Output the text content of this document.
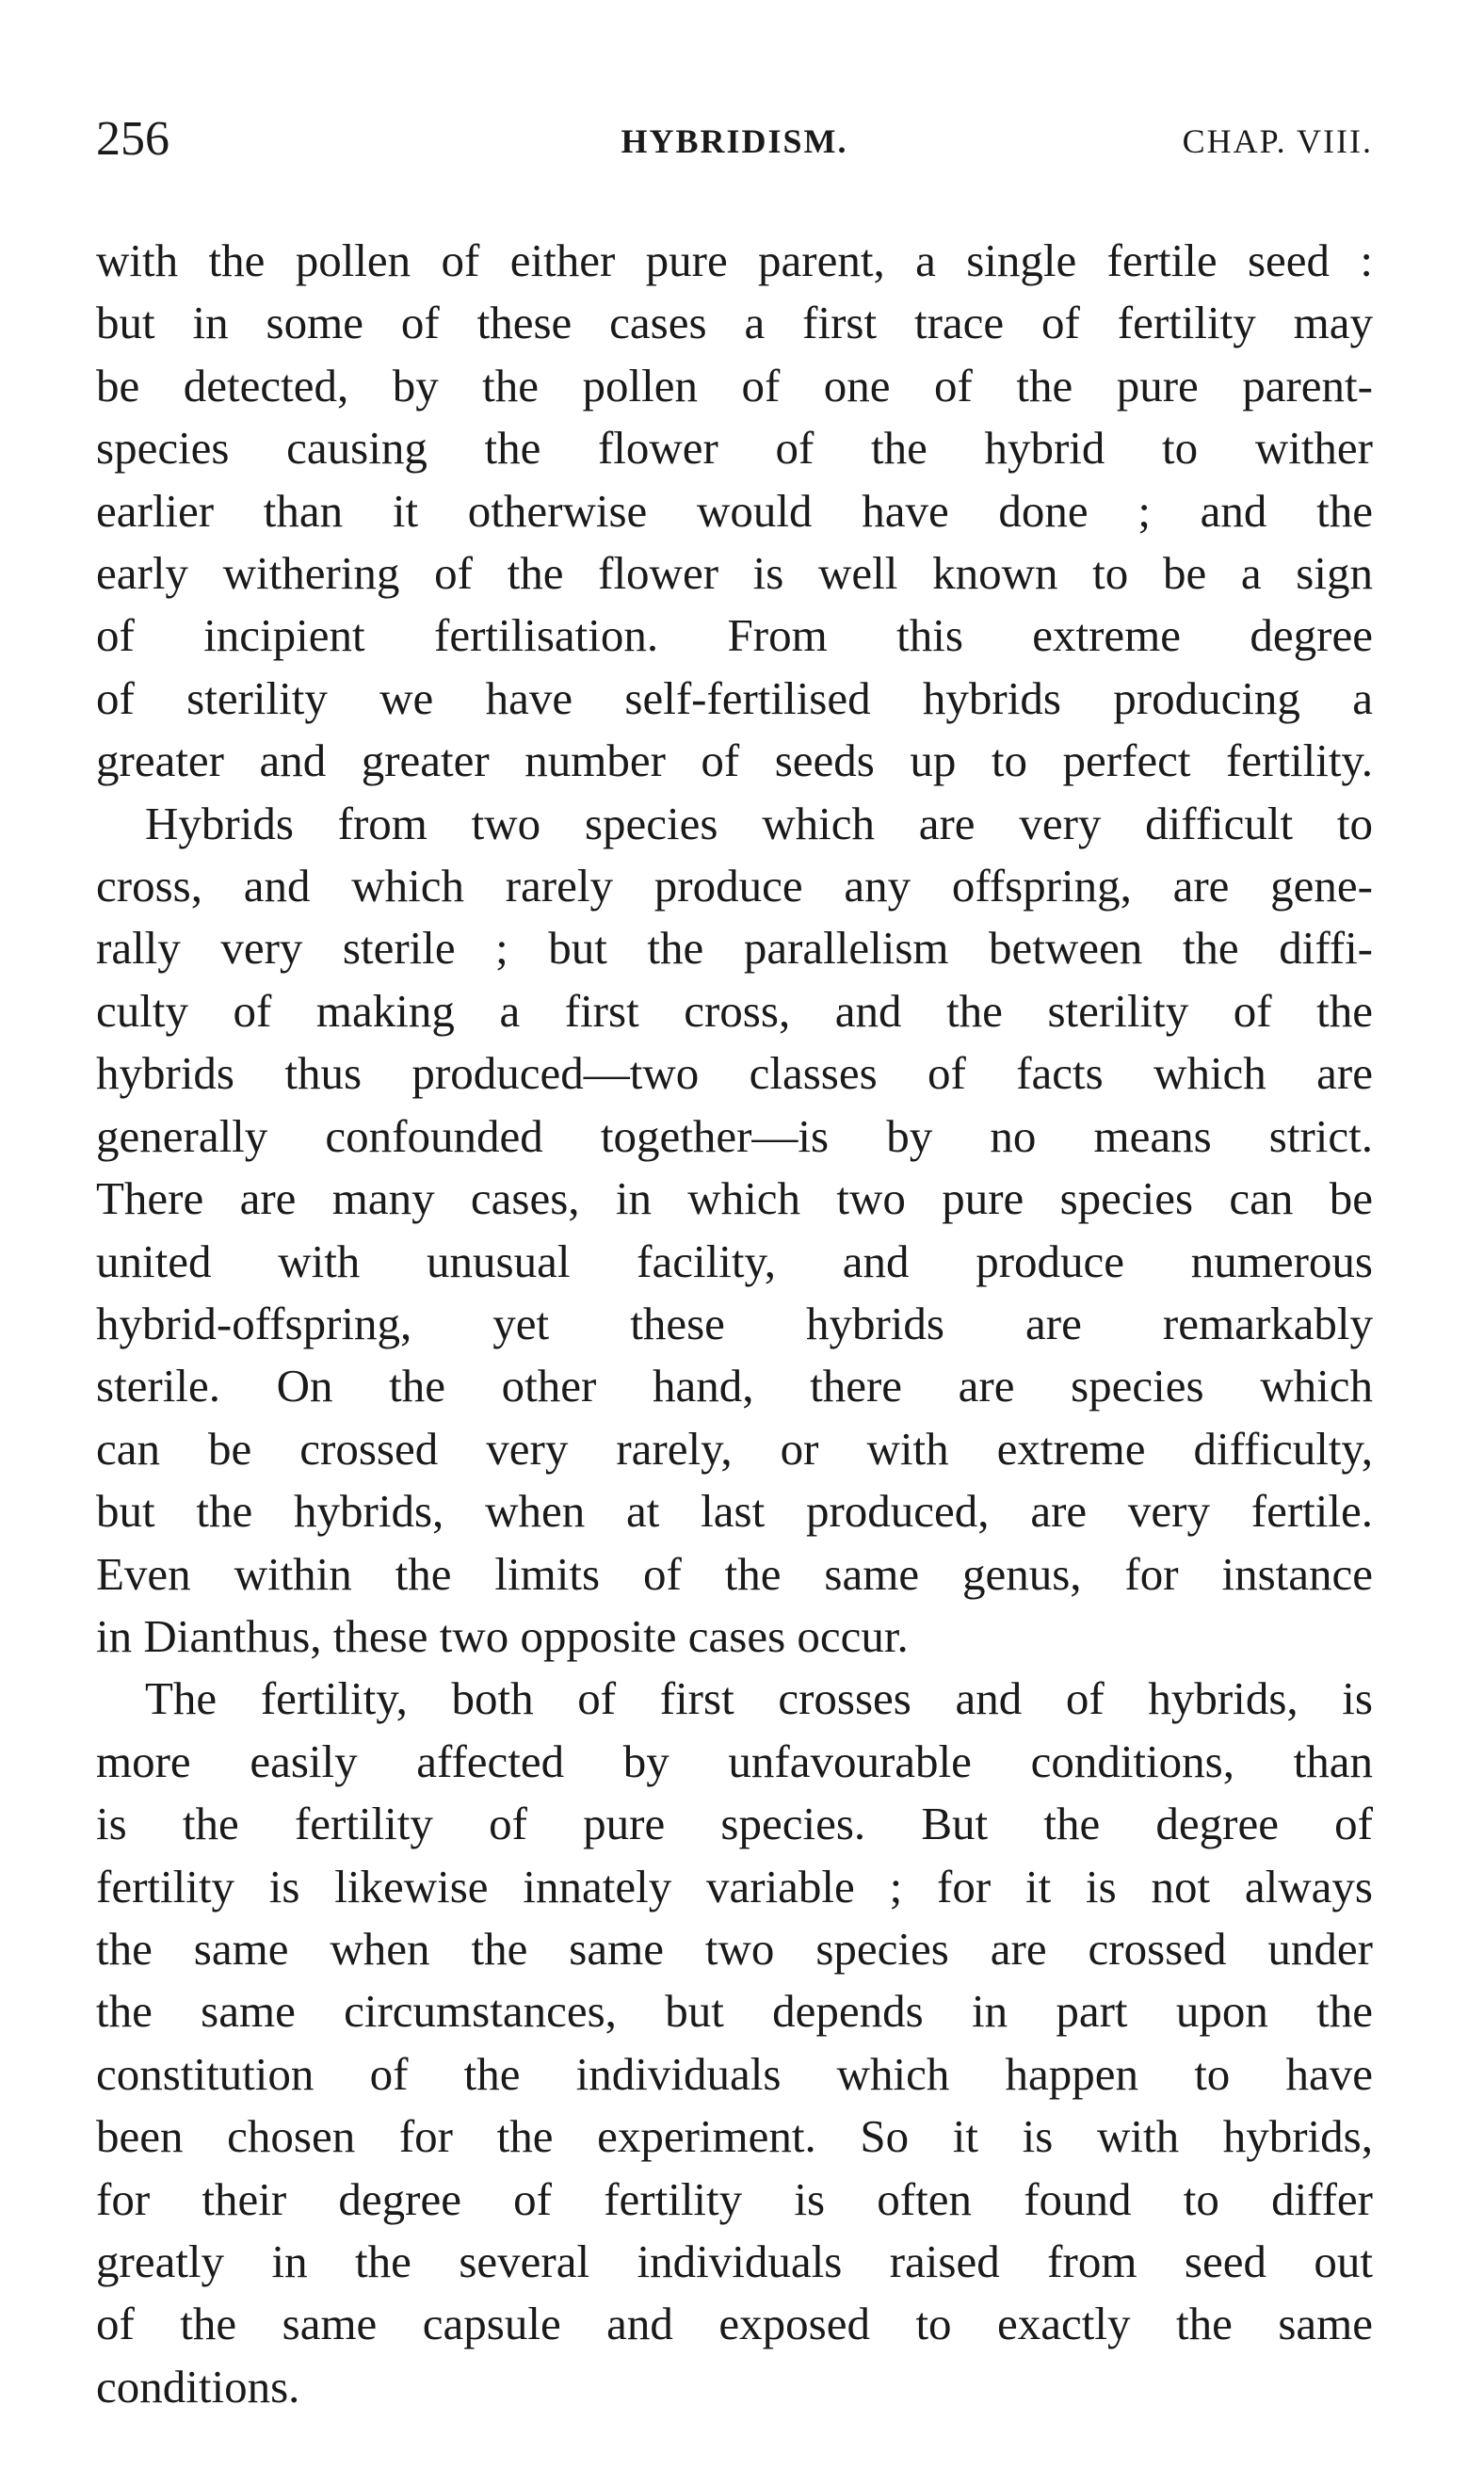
256	HYBRIDISM.	CHAP. VIII.

with the pollen of either pure parent, a single fertile seed :
but in some of these cases a first trace of fertility may
be detected, by the pollen of one of the pure parent-
species causing the flower of the hybrid to wither
earlier than it otherwise would have done ; and the
early withering of the flower is well known to be a sign
of incipient fertilisation. From this extreme degree
of sterility we have self-fertilised hybrids producing a
greater and greater number of seeds up to perfect fertility.

Hybrids from two species which are very difficult to
cross, and which rarely produce any offspring, are gene-
rally very sterile ; but the parallelism between the diffi-
culty of making a first cross, and the sterility of the
hybrids thus produced—two classes of facts which are
generally confounded together—is by no means strict.
There are many cases, in which two pure species can be
united with unusual facility, and produce numerous
hybrid-offspring, yet these hybrids are remarkably
sterile. On the other hand, there are species which
can be crossed very rarely, or with extreme difficulty,
but the hybrids, when at last produced, are very fertile.
Even within the limits of the same genus, for instance
in Dianthus, these two opposite cases occur.

The fertility, both of first crosses and of hybrids, is
more easily affected by unfavourable conditions, than
is the fertility of pure species. But the degree of
fertility is likewise innately variable ; for it is not always
the same when the same two species are crossed under
the same circumstances, but depends in part upon the
constitution of the individuals which happen to have
been chosen for the experiment. So it is with hybrids,
for their degree of fertility is often found to differ
greatly in the several individuals raised from seed out
of the same capsule and exposed to exactly the same
conditions.
